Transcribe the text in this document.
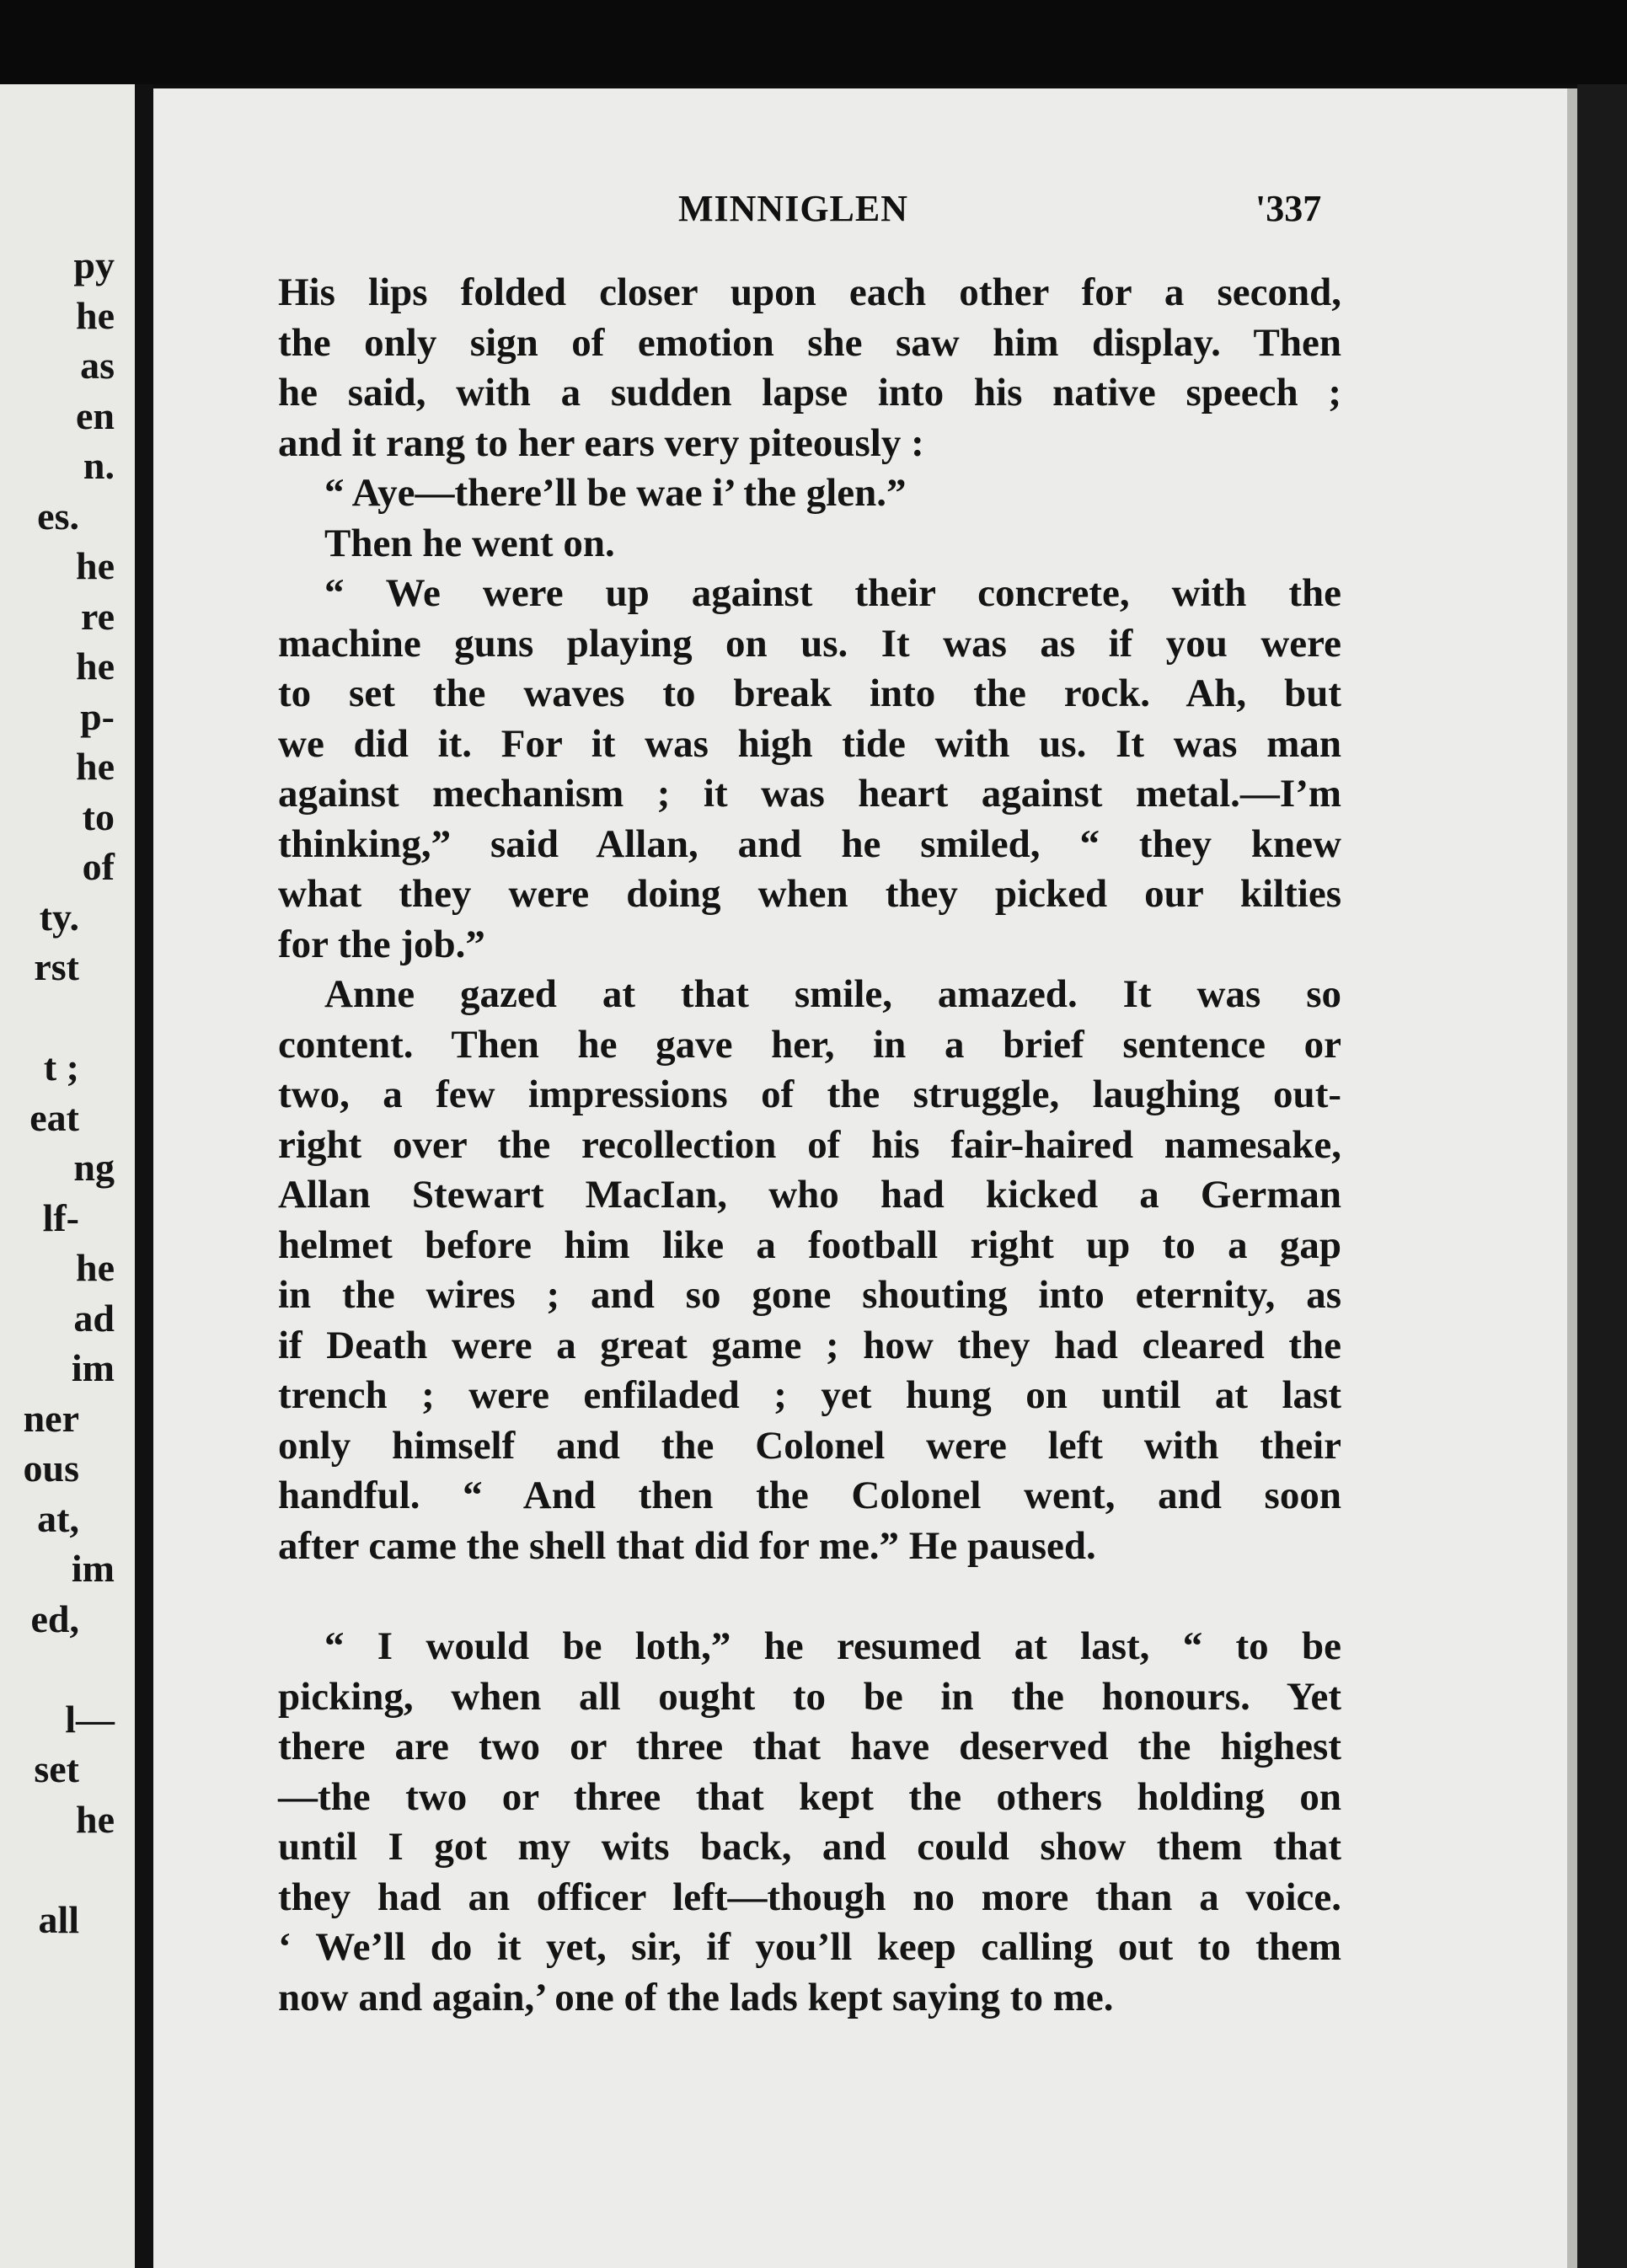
py
he
as
en
n.
es.
he
re
he
p-
he
to
of
ty.
rst

t ;
eat
ng
lf-
he
ad
im
ner
ous
at,
im
ed,

l—
set
he

all
MINNIGLEN	'337
His lips folded closer upon each other for a second,
the only sign of emotion she saw him display. Then
he said, with a sudden lapse into his native speech ;
and it rang to her ears very piteously :
“ Aye—there’ll be wae i’ the glen.”
Then he went on.
“ We were up against their concrete, with the
machine guns playing on us. It was as if you were
to set the waves to break into the rock. Ah, but
we did it. For it was high tide with us. It was man
against mechanism ; it was heart against metal.—I’m
thinking,” said Allan, and he smiled, “ they knew
what they were doing when they picked our kilties
for the job.”
Anne gazed at that smile, amazed. It was so
content. Then he gave her, in a brief sentence or
two, a few impressions of the struggle, laughing out-
right over the recollection of his fair-haired namesake,
Allan Stewart MacIan, who had kicked a German
helmet before him like a football right up to a gap
in the wires ; and so gone shouting into eternity, as
if Death were a great game ; how they had cleared the
trench ; were enfiladed ; yet hung on until at last
only himself and the Colonel were left with their
handful. “ And then the Colonel went, and soon
after came the shell that did for me.” He paused.
“ I would be loth,” he resumed at last, “ to be
picking, when all ought to be in the honours. Yet
there are two or three that have deserved the highest
—the two or three that kept the others holding on
until I got my wits back, and could show them that
they had an officer left—though no more than a voice.
‘ We’ll do it yet, sir, if you’ll keep calling out to them
now and again,’ one of the lads kept saying to me.
